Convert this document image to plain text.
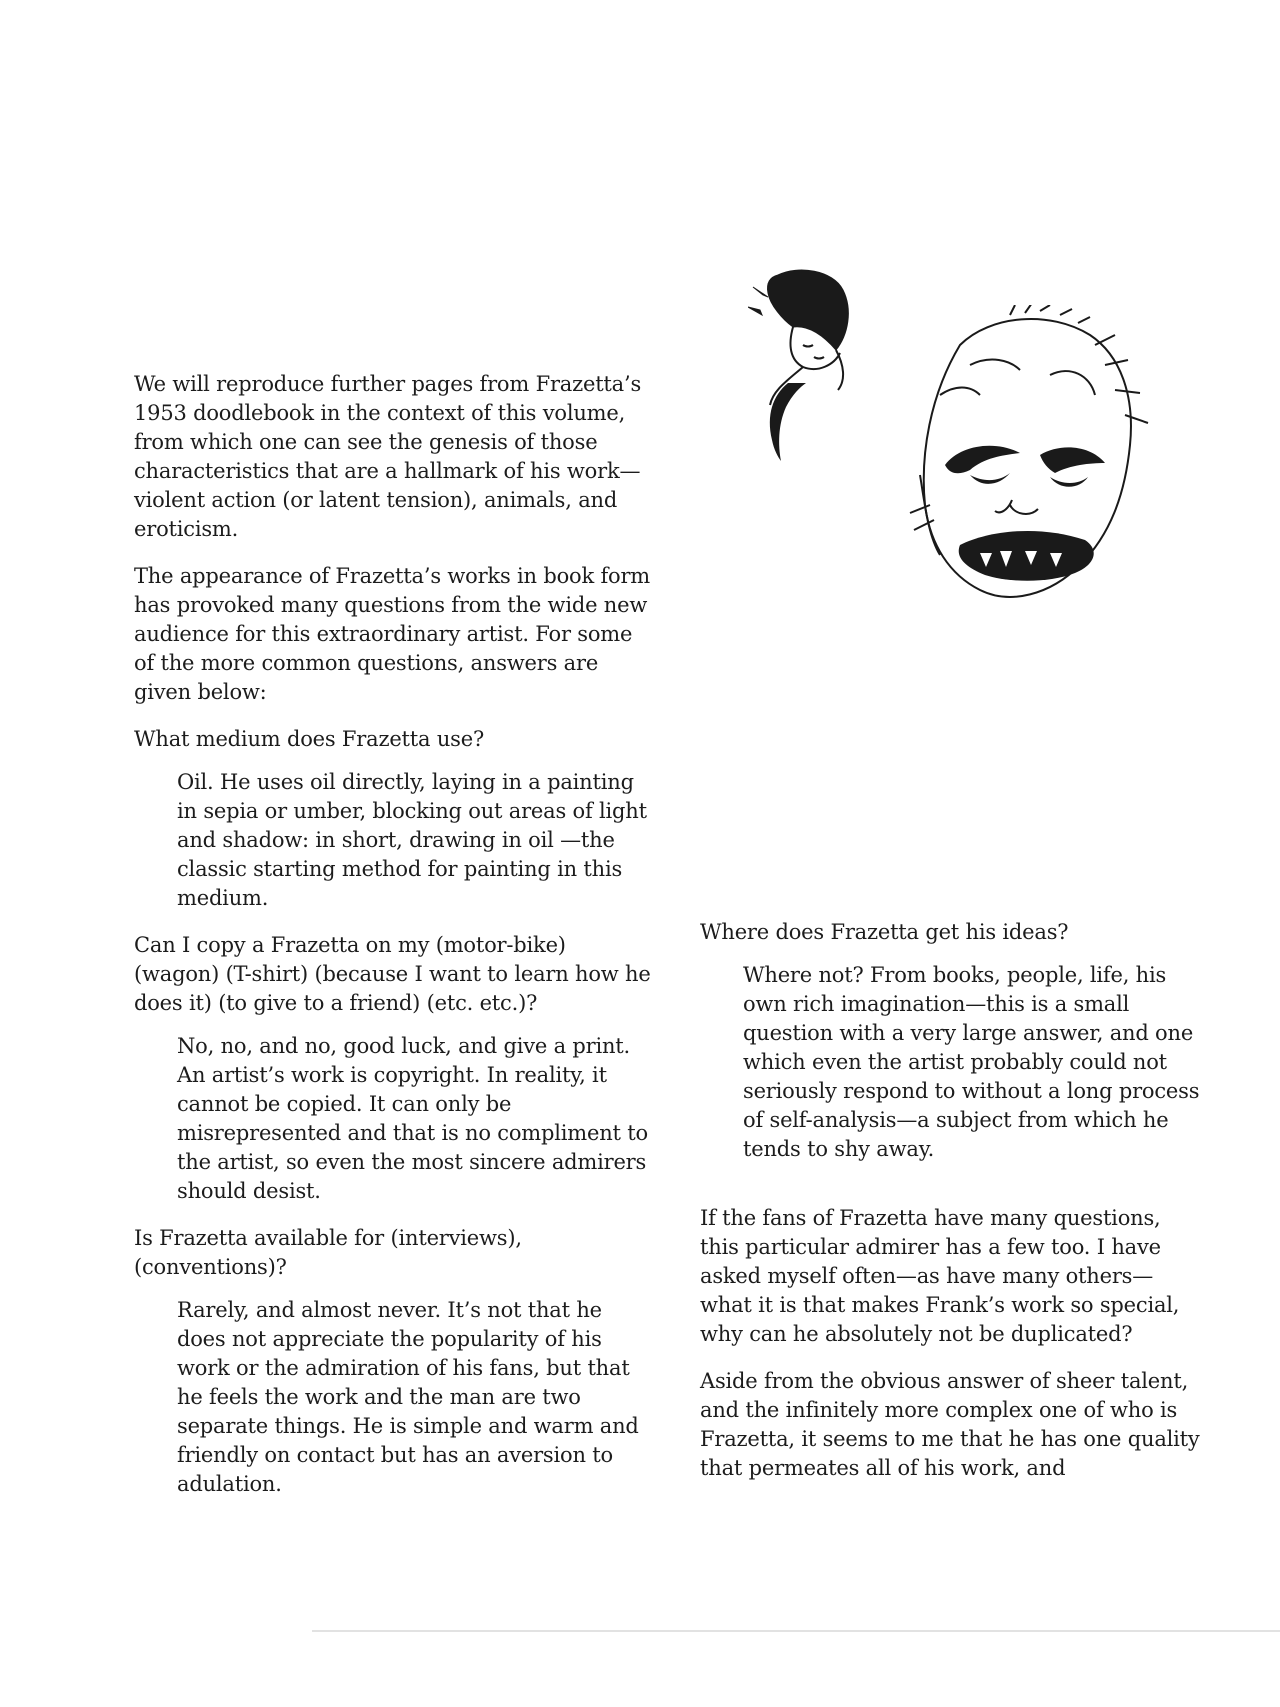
We will reproduce further pages from Frazetta’s 1953 doodlebook in the context of this volume, from which one can see the genesis of those characteristics that are a hallmark of his work—violent action (or latent tension), animals, and eroticism.

The appearance of Frazetta’s works in book form has provoked many questions from the wide new audience for this extraordinary artist. For some of the more common questions, answers are given below:

What medium does Frazetta use?

Oil. He uses oil directly, laying in a painting in sepia or umber, blocking out areas of light and shadow: in short, drawing in oil —the classic starting method for painting in this medium.

Can I copy a Frazetta on my (motor-bike) (wagon) (T-shirt) (because I want to learn how he does it) (to give to a friend) (etc. etc.)?

No, no, and no, good luck, and give a print. An artist’s work is copyright. In reality, it cannot be copied. It can only be misrepresented and that is no compliment to the artist, so even the most sincere admirers should desist.

Is Frazetta available for (interviews), (conventions)?

Rarely, and almost never. It’s not that he does not appreciate the popularity of his work or the admiration of his fans, but that he feels the work and the man are two separate things. He is simple and warm and friendly on contact but has an aversion to adulation.

Where does Frazetta get his ideas?

Where not? From books, people, life, his own rich imagination—this is a small question with a very large answer, and one which even the artist probably could not seriously respond to without a long process of self-analysis—a subject from which he tends to shy away.

If the fans of Frazetta have many questions, this particular admirer has a few too. I have asked myself often—as have many others—what it is that makes Frank’s work so special, why can he absolutely not be duplicated?

Aside from the obvious answer of sheer talent, and the infinitely more complex one of who is Frazetta, it seems to me that he has one quality that permeates all of his work, and
